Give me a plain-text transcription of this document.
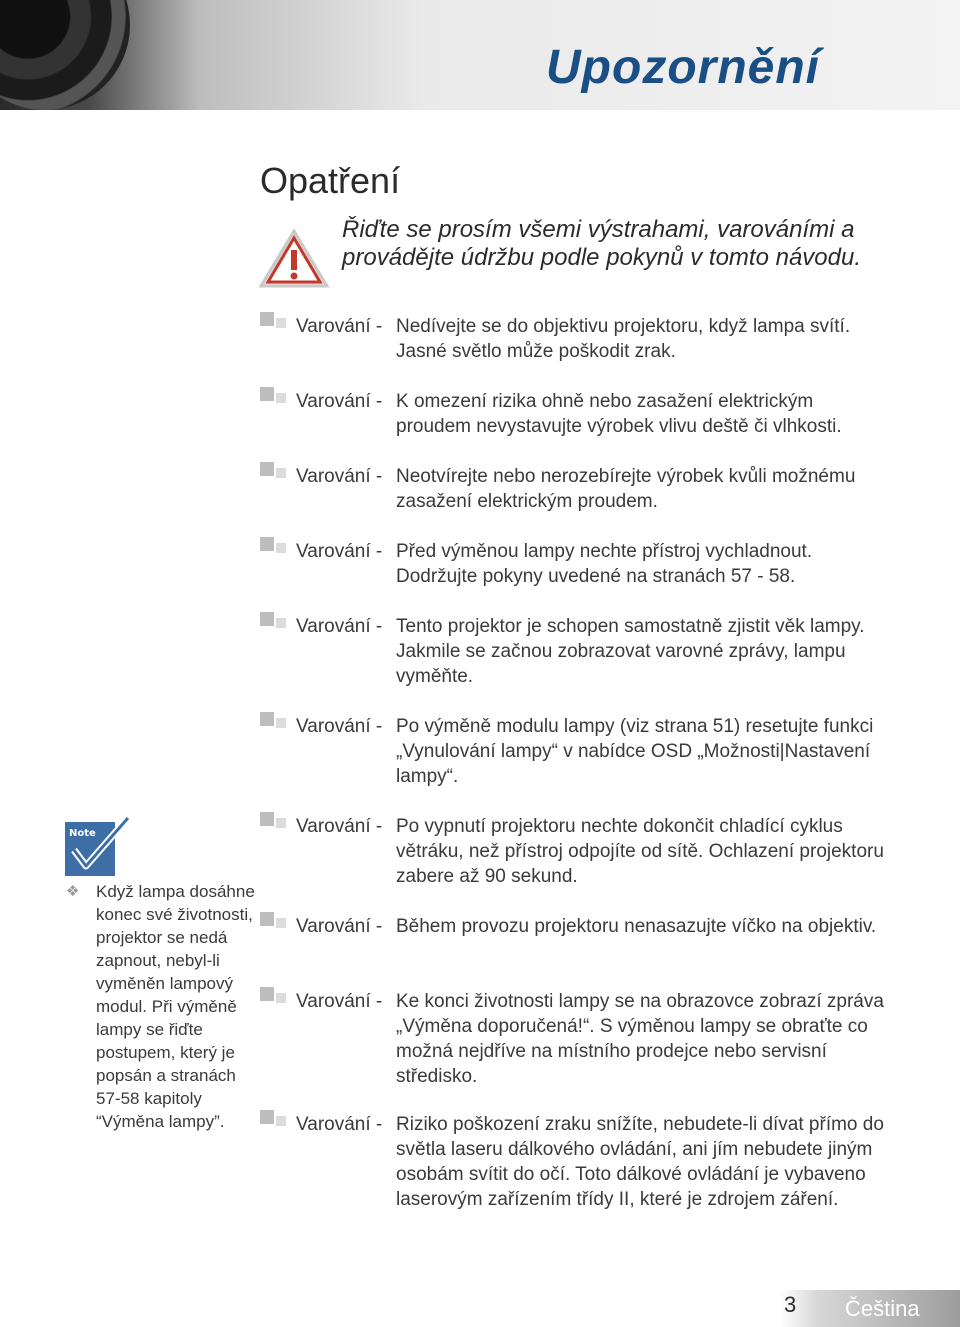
Upozornění
Opatření
Řiďte se prosím všemi výstrahami, varováními a provádějte údržbu podle pokynů v tomto návodu.
Varování - Nedívejte se do objektivu projektoru, když lampa svítí. Jasné světlo může poškodit zrak.
Varování - K omezení rizika ohně nebo zasažení elektrickým proudem nevystavujte výrobek vlivu deště či vlhkosti.
Varování - Neotvírejte nebo nerozebírejte výrobek kvůli možnému zasažení elektrickým proudem.
Varování - Před výměnou lampy nechte přístroj vychladnout. Dodržujte pokyny uvedené na stranách 57 - 58.
Varování - Tento projektor je schopen samostatně zjistit věk lampy. Jakmile se začnou zobrazovat varovné zprávy, lampu vyměňte.
Varování - Po výměně modulu lampy (viz strana 51) resetujte funkci „Vynulování lampy“ v nabídce OSD „Možnosti|Nastavení lampy“.
Varování - Po vypnutí projektoru nechte dokončit chladící cyklus větráku, než přístroj odpojíte od sítě. Ochlazení projektoru zabere až 90 sekund.
Varování - Během provozu projektoru nenasazujte víčko na objektiv.
Varování - Ke konci životnosti lampy se na obrazovce zobrazí zpráva „Výměna doporučená!“. S výměnou lampy se obraťte co možná nejdříve na místního prodejce nebo servisní středisko.
Varování - Riziko poškození zraku snížíte, nebudete-li dívat přímo do světla laseru dálkového ovládání, ani jím nebudete jiným osobám svítit do očí. Toto dálkové ovládání je vybaveno laserovým zařízením třídy II, které je zdrojem záření.
Note
❖ Když lampa dosáhne konec své životnosti, projektor se nedá zapnout, nebyl-li vyměněn lampový modul. Při výměně lampy se řiďte postupem, který je popsán a stranách 57-58 kapitoly “Výměna lampy”.
3 Čeština
